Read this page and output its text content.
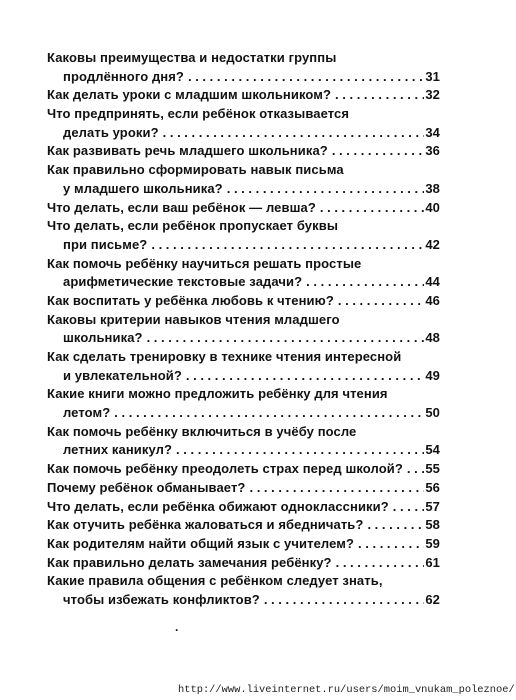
Каковы преимущества и недостатки группы
продлённого дня? . . .	31
Как делать уроки с младшим школьником? . . .	32
Что предпринять, если ребёнок отказывается
делать уроки? . . .	34
Как развивать речь младшего школьника? . . .	36
Как правильно сформировать навык письма
у младшего школьника? . . .	38
Что делать, если ваш ребёнок — левша? . . .	40
Что делать, если ребёнок пропускает буквы
при письме? . . .	42
Как помочь ребёнку научиться решать простые
арифметические текстовые задачи? . . .	44
Как воспитать у ребёнка любовь к чтению? . . .	46
Каковы критерии навыков чтения младшего
школьника? . . .	48
Как сделать тренировку в технике чтения интересной
и увлекательной? . . .	49
Какие книги можно предложить ребёнку для чтения
летом? . . .	50
Как помочь ребёнку включиться в учёбу после
летних каникул? . . .	54
Как помочь ребёнку преодолеть страх перед школой? . . . 55
Почему ребёнок обманывает? . . .	56
Что делать, если ребёнка обижают одноклассники? . . .	57
Как отучить ребёнка жаловаться и ябедничать? . . .	58
Как родителям найти общий язык с учителем? . . .	59
Как правильно делать замечания ребёнку? . . .	61
Какие правила общения с ребёнком следует знать,
чтобы избежать конфликтов? . . .	62
.
http://www.liveinternet.ru/users/moim_vnukam_poleznoe/
